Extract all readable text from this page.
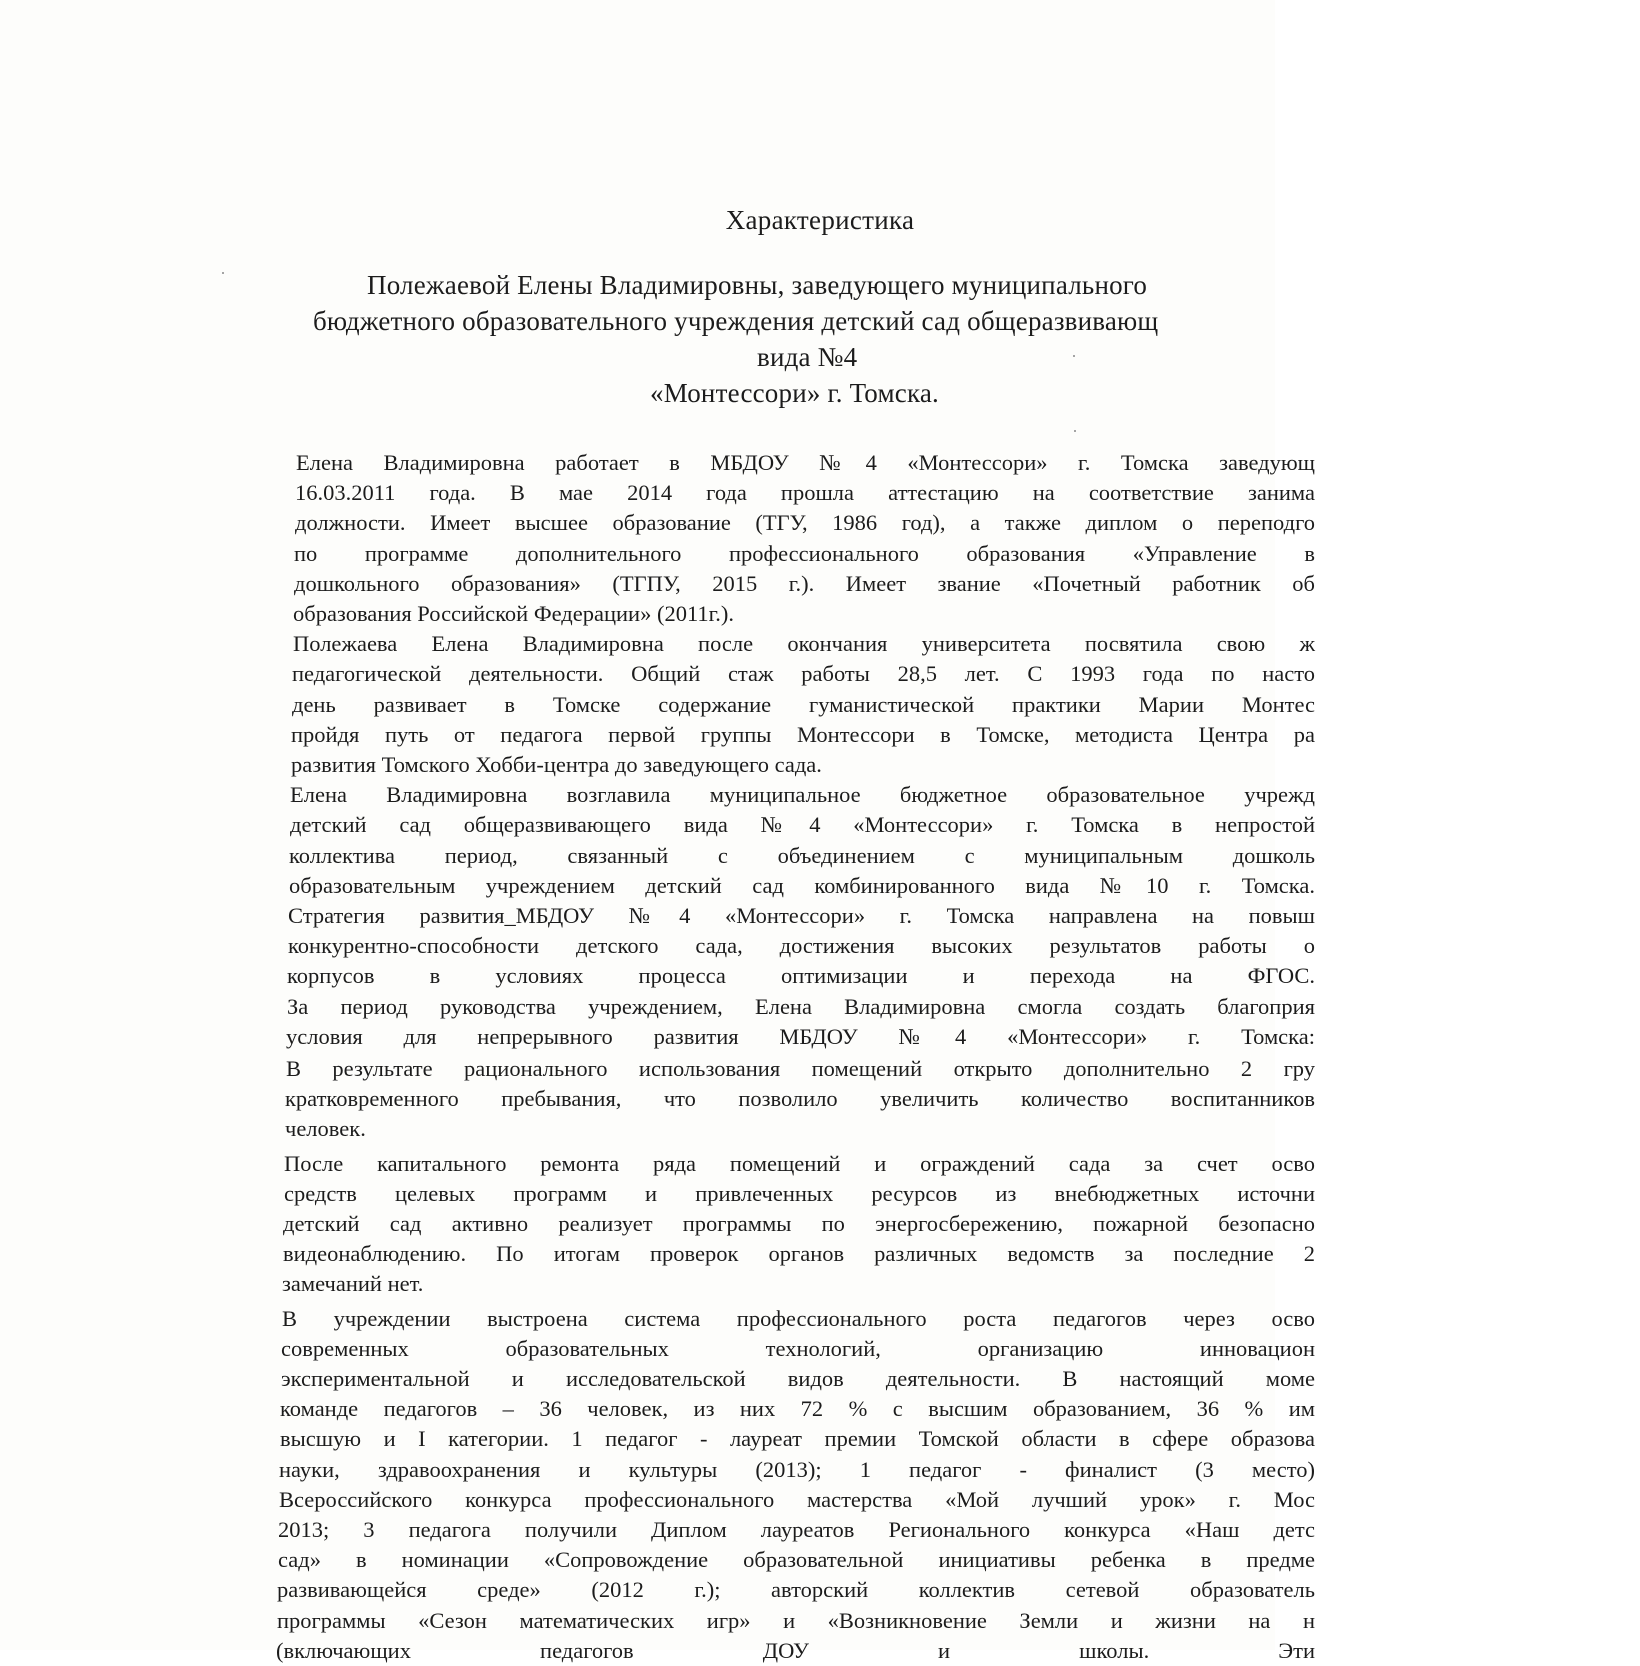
Характеристика
Полежаевой Елены Владимировны, заведующего муниципального
бюджетного образовательного учреждения детский сад общеразвивающ
вида №4
«Монтессори» г. Томска.
Елена Владимировна работает в МБДОУ №4 «Монтессори» г. Томска заведующ
16.03.2011 года. В мае 2014 года прошла аттестацию на соответствие занима
должности. Имеет высшее образование (ТГУ, 1986 год), а также диплом о переподго
по программе дополнительного профессионального образования «Управление в
дошкольного образования» (ТГПУ, 2015 г.). Имеет звание «Почетный работник об
образования Российской Федерации» (2011г.).
Полежаева Елена Владимировна после окончания университета посвятила свою ж
педагогической деятельности. Общий стаж работы 28,5 лет. С 1993 года по насто
день развивает в Томске содержание гуманистической практики Марии Монтес
пройдя путь от педагога первой группы Монтессори в Томске, методиста Центра ра
развития Томского Хобби-центра до заведующего сада.
Елена Владимировна возглавила муниципальное бюджетное образовательное учрежд
детский сад общеразвивающего вида №4 «Монтессори» г. Томска в непростой
коллектива период, связанный с объединением с муниципальным дошколь
образовательным учреждением детский сад комбинированного вида №10 г. Томска.
Стратегия развития_МБДОУ №4 «Монтессори» г. Томска направлена на повыш
конкурентно-способности детского сада, достижения высоких результатов работы о
корпусов в условиях процесса оптимизации и перехода на ФГОС.
За период руководства учреждением, Елена Владимировна смогла создать благоприя
условия для непрерывного развития МБДОУ №4 «Монтессори» г. Томска:
В результате рационального использования помещений открыто дополнительно 2 гру
кратковременного пребывания, что позволило увеличить количество воспитанников
человек.
После капитального ремонта ряда помещений и ограждений сада за счет осво
средств целевых программ и привлеченных ресурсов из внебюджетных источни
детский сад активно реализует программы по энергосбережению, пожарной безопасно
видеонаблюдению. По итогам проверок органов различных ведомств за последние 2
замечаний нет.
В учреждении выстроена система профессионального роста педагогов через осво
современных образовательных технологий, организацию инновацион
экспериментальной и исследовательской видов деятельности. В настоящий моме
команде педагогов – 36 человек, из них 72 % с высшим образованием, 36 % им
высшую и I категории. 1 педагог - лауреат премии Томской области в сфере образова
науки, здравоохранения и культуры (2013); 1 педагог - финалист (3 место)
Всероссийского конкурса профессионального мастерства «Мой лучший урок» г. Мос
2013; 3 педагога получили Диплом лауреатов Регионального конкурса «Наш детс
сад» в номинации «Сопровождение образовательной инициативы ребенка в предме
развивающейся среде» (2012 г.); авторский коллектив сетевой образователь
программы «Сезон математических игр» и «Возникновение Земли и жизни на н
(включающих педагогов ДОУ и школы. Эти
